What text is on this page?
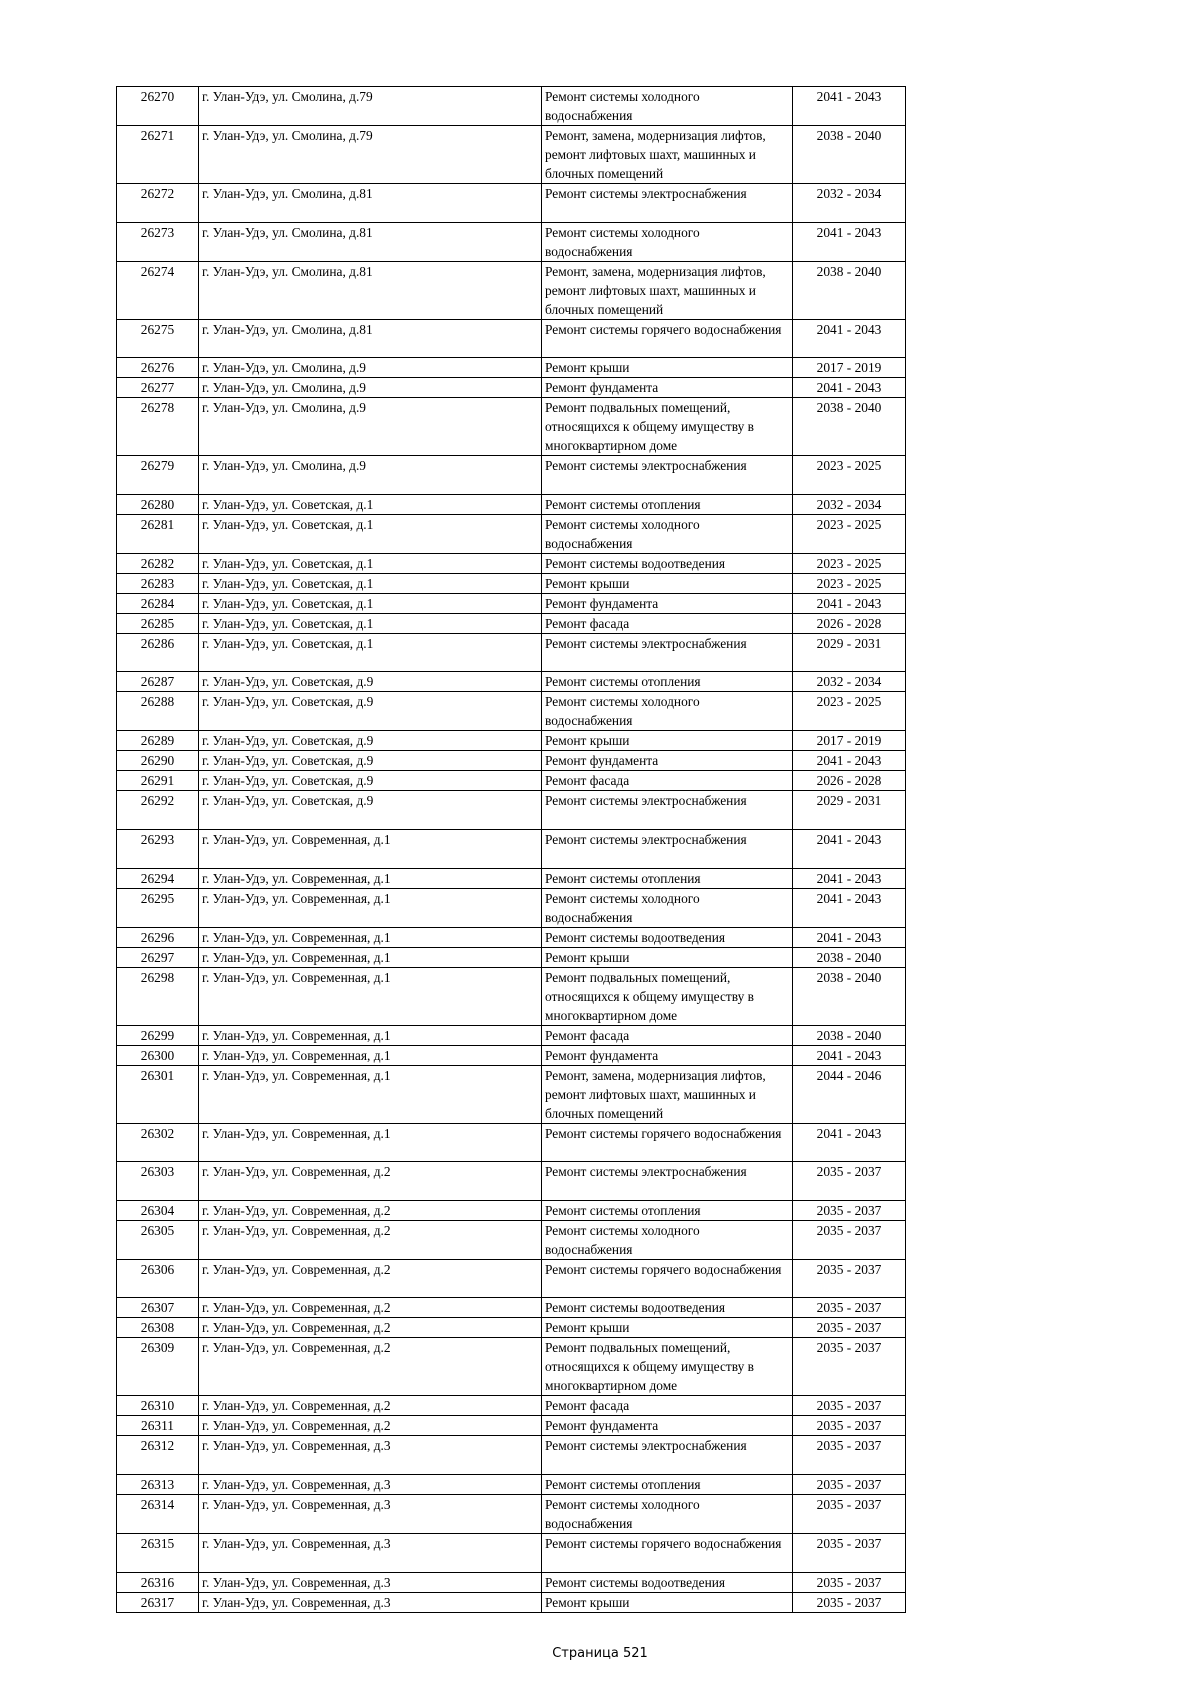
26270	г. Улан-Удэ, ул. Смолина, д.79	Ремонт системы холодного водоснабжения	2041 - 2043
26271	г. Улан-Удэ, ул. Смолина, д.79	Ремонт, замена, модернизация лифтов, ремонт лифтовых шахт, машинных и блочных помещений	2038 - 2040
26272	г. Улан-Удэ, ул. Смолина, д.81	Ремонт системы электроснабжения	2032 - 2034
26273	г. Улан-Удэ, ул. Смолина, д.81	Ремонт системы холодного водоснабжения	2041 - 2043
26274	г. Улан-Удэ, ул. Смолина, д.81	Ремонт, замена, модернизация лифтов, ремонт лифтовых шахт, машинных и блочных помещений	2038 - 2040
26275	г. Улан-Удэ, ул. Смолина, д.81	Ремонт системы горячего водоснабжения	2041 - 2043
26276	г. Улан-Удэ, ул. Смолина, д.9	Ремонт крыши	2017 - 2019
26277	г. Улан-Удэ, ул. Смолина, д.9	Ремонт фундамента	2041 - 2043
26278	г. Улан-Удэ, ул. Смолина, д.9	Ремонт подвальных помещений, относящихся к общему имуществу в многоквартирном доме	2038 - 2040
26279	г. Улан-Удэ, ул. Смолина, д.9	Ремонт системы электроснабжения	2023 - 2025
26280	г. Улан-Удэ, ул. Советская, д.1	Ремонт системы отопления	2032 - 2034
26281	г. Улан-Удэ, ул. Советская, д.1	Ремонт системы холодного водоснабжения	2023 - 2025
26282	г. Улан-Удэ, ул. Советская, д.1	Ремонт системы водоотведения	2023 - 2025
26283	г. Улан-Удэ, ул. Советская, д.1	Ремонт крыши	2023 - 2025
26284	г. Улан-Удэ, ул. Советская, д.1	Ремонт фундамента	2041 - 2043
26285	г. Улан-Удэ, ул. Советская, д.1	Ремонт фасада	2026 - 2028
26286	г. Улан-Удэ, ул. Советская, д.1	Ремонт системы электроснабжения	2029 - 2031
26287	г. Улан-Удэ, ул. Советская, д.9	Ремонт системы отопления	2032 - 2034
26288	г. Улан-Удэ, ул. Советская, д.9	Ремонт системы холодного водоснабжения	2023 - 2025
26289	г. Улан-Удэ, ул. Советская, д.9	Ремонт крыши	2017 - 2019
26290	г. Улан-Удэ, ул. Советская, д.9	Ремонт фундамента	2041 - 2043
26291	г. Улан-Удэ, ул. Советская, д.9	Ремонт фасада	2026 - 2028
26292	г. Улан-Удэ, ул. Советская, д.9	Ремонт системы электроснабжения	2029 - 2031
26293	г. Улан-Удэ, ул. Современная, д.1	Ремонт системы электроснабжения	2041 - 2043
26294	г. Улан-Удэ, ул. Современная, д.1	Ремонт системы отопления	2041 - 2043
26295	г. Улан-Удэ, ул. Современная, д.1	Ремонт системы холодного водоснабжения	2041 - 2043
26296	г. Улан-Удэ, ул. Современная, д.1	Ремонт системы водоотведения	2041 - 2043
26297	г. Улан-Удэ, ул. Современная, д.1	Ремонт крыши	2038 - 2040
26298	г. Улан-Удэ, ул. Современная, д.1	Ремонт подвальных помещений, относящихся к общему имуществу в многоквартирном доме	2038 - 2040
26299	г. Улан-Удэ, ул. Современная, д.1	Ремонт фасада	2038 - 2040
26300	г. Улан-Удэ, ул. Современная, д.1	Ремонт фундамента	2041 - 2043
26301	г. Улан-Удэ, ул. Современная, д.1	Ремонт, замена, модернизация лифтов, ремонт лифтовых шахт, машинных и блочных помещений	2044 - 2046
26302	г. Улан-Удэ, ул. Современная, д.1	Ремонт системы горячего водоснабжения	2041 - 2043
26303	г. Улан-Удэ, ул. Современная, д.2	Ремонт системы электроснабжения	2035 - 2037
26304	г. Улан-Удэ, ул. Современная, д.2	Ремонт системы отопления	2035 - 2037
26305	г. Улан-Удэ, ул. Современная, д.2	Ремонт системы холодного водоснабжения	2035 - 2037
26306	г. Улан-Удэ, ул. Современная, д.2	Ремонт системы горячего водоснабжения	2035 - 2037
26307	г. Улан-Удэ, ул. Современная, д.2	Ремонт системы водоотведения	2035 - 2037
26308	г. Улан-Удэ, ул. Современная, д.2	Ремонт крыши	2035 - 2037
26309	г. Улан-Удэ, ул. Современная, д.2	Ремонт подвальных помещений, относящихся к общему имуществу в многоквартирном доме	2035 - 2037
26310	г. Улан-Удэ, ул. Современная, д.2	Ремонт фасада	2035 - 2037
26311	г. Улан-Удэ, ул. Современная, д.2	Ремонт фундамента	2035 - 2037
26312	г. Улан-Удэ, ул. Современная, д.3	Ремонт системы электроснабжения	2035 - 2037
26313	г. Улан-Удэ, ул. Современная, д.3	Ремонт системы отопления	2035 - 2037
26314	г. Улан-Удэ, ул. Современная, д.3	Ремонт системы холодного водоснабжения	2035 - 2037
26315	г. Улан-Удэ, ул. Современная, д.3	Ремонт системы горячего водоснабжения	2035 - 2037
26316	г. Улан-Удэ, ул. Современная, д.3	Ремонт системы водоотведения	2035 - 2037
26317	г. Улан-Удэ, ул. Современная, д.3	Ремонт крыши	2035 - 2037
Страница 521
